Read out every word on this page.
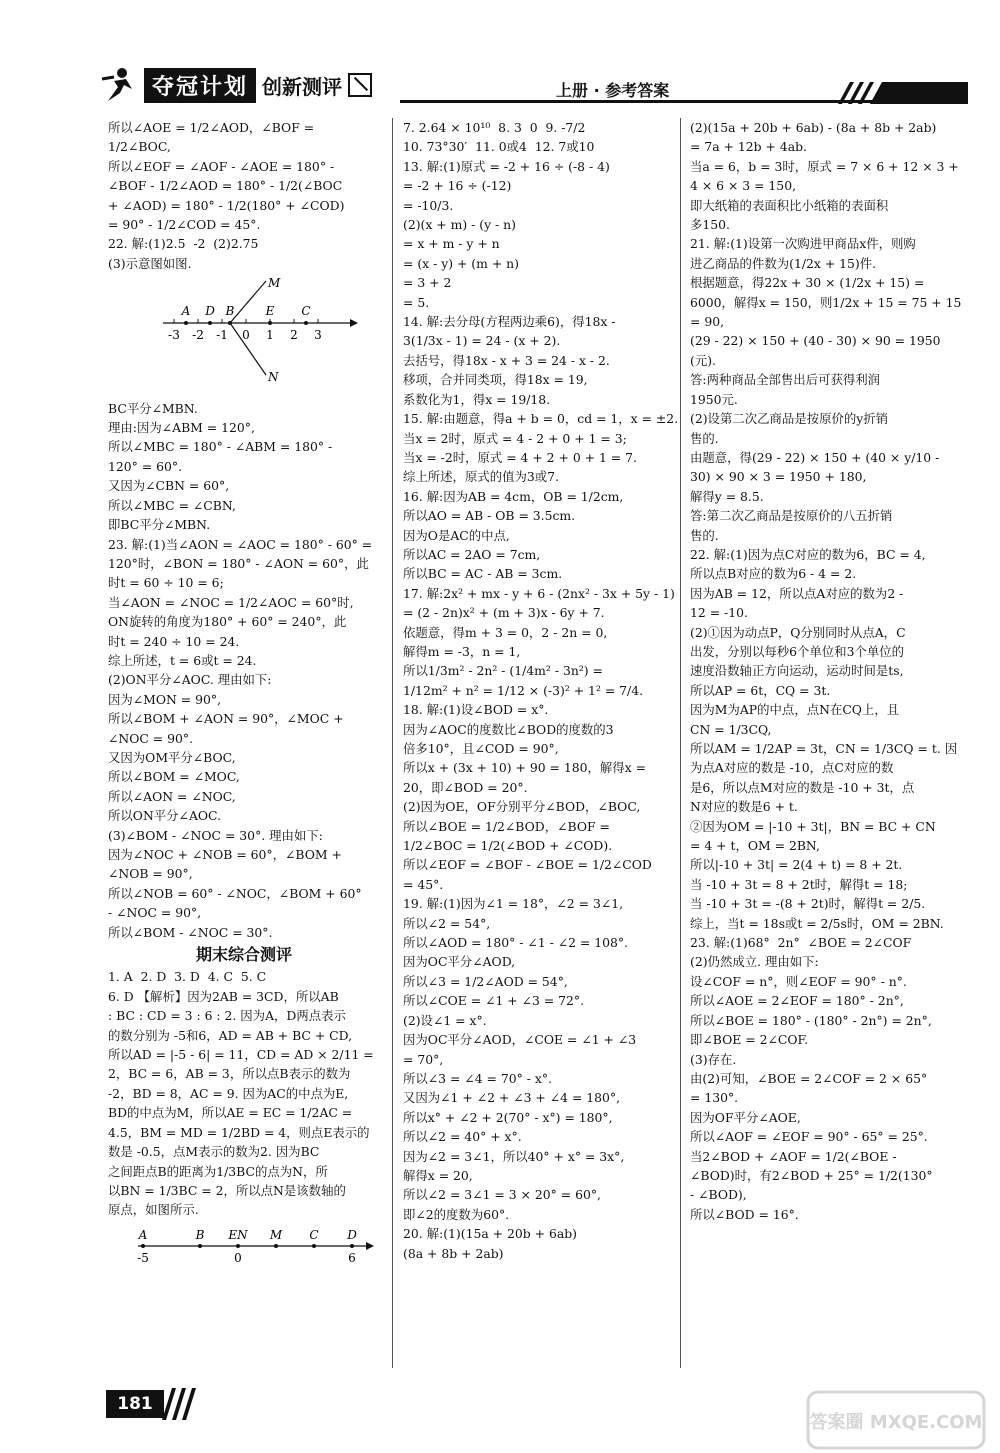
夺冠计划 创新测评	上册 · 参考答案

所以∠AOE = 1/2∠AOD，∠BOF =

1/2∠BOC,

所以∠EOF = ∠AOF - ∠AOE = 180° -

∠BOF - 1/2∠AOD = 180° - 1/2(∠BOC

+ ∠AOD) = 180° - 1/2(180° + ∠COD)

= 90° - 1/2∠COD = 45°.

22. 解:(1)2.5  -2  (2)2.75

(3)示意图如图.

-3 -2 -1 0 1 2 3
A D B	E C
M
N

BC平分∠MBN.

理由:因为∠ABM = 120°,

所以∠MBC = 180° - ∠ABM = 180° -

120° = 60°.

又因为∠CBN = 60°,

所以∠MBC = ∠CBN,

即BC平分∠MBN.

23. 解:(1)当∠AON = ∠AOC = 180° - 60° =

120°时，∠BON = 180° - ∠AON = 60°，此

时t = 60 ÷ 10 = 6;

当∠AON = ∠NOC = 1/2∠AOC = 60°时,

ON旋转的角度为180° + 60° = 240°，此

时t = 240 ÷ 10 = 24.

综上所述，t = 6或t = 24.

(2)ON平分∠AOC. 理由如下:

因为∠MON = 90°,

所以∠BOM + ∠AON = 90°，∠MOC +

∠NOC = 90°.

又因为OM平分∠BOC,

所以∠BOM = ∠MOC,

所以∠AON = ∠NOC,

所以ON平分∠AOC.

(3)∠BOM - ∠NOC = 30°. 理由如下:

因为∠NOC + ∠NOB = 60°，∠BOM +

∠NOB = 90°,

所以∠NOB = 60° - ∠NOC，∠BOM + 60°

- ∠NOC = 90°,

所以∠BOM - ∠NOC = 30°.

期末综合测评

1. A  2. D  3. D  4. C  5. C

6. D 【解析】因为2AB = 3CD，所以AB

: BC : CD = 3 : 6 : 2. 因为A，D两点表示

的数分别为 -5和6，AD = AB + BC + CD,

所以AD = |-5 - 6| = 11，CD = AD × 2/11 =

2，BC = 6，AB = 3，所以点B表示的数为

-2，BD = 8，AC = 9. 因为AC的中点为E,

BD的中点为M，所以AE = EC = 1/2AC =

4.5，BM = MD = 1/2BD = 4，则点E表示的

数是 -0.5，点M表示的数为2. 因为BC

之间距点B的距离为1/3BC的点为N，所

以BN = 1/3BC = 2，所以点N是该数轴的

原点，如图所示.

-5	0	6
A	B EN M C D

7. 2.64 × 10¹⁰  8. 3  0  9. -7/2

10. 73°30′  11. 0或4  12. 7或10

13. 解:(1)原式 = -2 + 16 ÷ (-8 - 4)

= -2 + 16 ÷ (-12)

= -10/3.

(2)(x + m) - (y - n)

= x + m - y + n

= (x - y) + (m + n)

= 3 + 2

= 5.

14. 解:去分母(方程两边乘6)，得18x -

3(1/3x - 1) = 24 - (x + 2).

去括号，得18x - x + 3 = 24 - x - 2.

移项，合并同类项，得18x = 19,

系数化为1，得x = 19/18.

15. 解:由题意，得a + b = 0，cd = 1，x = ±2.

当x = 2时，原式 = 4 - 2 + 0 + 1 = 3;

当x = -2时，原式 = 4 + 2 + 0 + 1 = 7.

综上所述，原式的值为3或7.

16. 解:因为AB = 4cm，OB = 1/2cm,

所以AO = AB - OB = 3.5cm.

因为O是AC的中点,

所以AC = 2AO = 7cm,

所以BC = AC - AB = 3cm.

17. 解:2x² + mx - y + 6 - (2nx² - 3x + 5y - 1)

= (2 - 2n)x² + (m + 3)x - 6y + 7.

依题意，得m + 3 = 0，2 - 2n = 0,

解得m = -3，n = 1,

所以1/3m² - 2n² - (1/4m² - 3n²) =

1/12m² + n² = 1/12 × (-3)² + 1² = 7/4.

18. 解:(1)设∠BOD = x°.

因为∠AOC的度数比∠BOD的度数的3

倍多10°，且∠COD = 90°,

所以x + (3x + 10) + 90 = 180，解得x =

20，即∠BOD = 20°.

(2)因为OE，OF分别平分∠BOD，∠BOC,

所以∠BOE = 1/2∠BOD，∠BOF =

1/2∠BOC = 1/2(∠BOD + ∠COD).

所以∠EOF = ∠BOF - ∠BOE = 1/2∠COD

= 45°.

19. 解:(1)因为∠1 = 18°，∠2 = 3∠1,

所以∠2 = 54°,

所以∠AOD = 180° - ∠1 - ∠2 = 108°.

因为OC平分∠AOD,

所以∠3 = 1/2∠AOD = 54°,

所以∠COE = ∠1 + ∠3 = 72°.

(2)设∠1 = x°.

因为OC平分∠AOD，∠COE = ∠1 + ∠3

= 70°,

所以∠3 = ∠4 = 70° - x°.

又因为∠1 + ∠2 + ∠3 + ∠4 = 180°,

所以x° + ∠2 + 2(70° - x°) = 180°,

所以∠2 = 40° + x°.

因为∠2 = 3∠1，所以40° + x° = 3x°,

解得x = 20,

所以∠2 = 3∠1 = 3 × 20° = 60°,

即∠2的度数为60°.

20. 解:(1)(15a + 20b + 6ab)

(8a + 8b + 2ab)

(2)(15a + 20b + 6ab) - (8a + 8b + 2ab)

= 7a + 12b + 4ab.

当a = 6，b = 3时，原式 = 7 × 6 + 12 × 3 +

4 × 6 × 3 = 150,

即大纸箱的表面积比小纸箱的表面积

多150.

21. 解:(1)设第一次购进甲商品x件，则购

进乙商品的件数为(1/2x + 15)件.

根据题意，得22x + 30 × (1/2x + 15) =

6000，解得x = 150，则1/2x + 15 = 75 + 15

= 90,

(29 - 22) × 150 + (40 - 30) × 90 = 1950

(元).

答:两种商品全部售出后可获得利润

1950元.

(2)设第二次乙商品是按原价的y折销

售的.

由题意，得(29 - 22) × 150 + (40 × y/10 -

30) × 90 × 3 = 1950 + 180,

解得y = 8.5.

答:第二次乙商品是按原价的八五折销

售的.

22. 解:(1)因为点C对应的数为6，BC = 4,

所以点B对应的数为6 - 4 = 2.

因为AB = 12，所以点A对应的数为2 -

12 = -10.

(2)①因为动点P，Q分别同时从点A，C

出发，分别以每秒6个单位和3个单位的

速度沿数轴正方向运动，运动时间是ts,

所以AP = 6t，CQ = 3t.

因为M为AP的中点，点N在CQ上，且

CN = 1/3CQ,

所以AM = 1/2AP = 3t，CN = 1/3CQ = t. 因

为点A对应的数是 -10，点C对应的数

是6，所以点M对应的数是 -10 + 3t，点

N对应的数是6 + t.

②因为OM = |-10 + 3t|，BN = BC + CN

= 4 + t，OM = 2BN,

所以|-10 + 3t| = 2(4 + t) = 8 + 2t.

当 -10 + 3t = 8 + 2t时，解得t = 18;

当 -10 + 3t = -(8 + 2t)时，解得t = 2/5.

综上，当t = 18s或t = 2/5s时，OM = 2BN.

23. 解:(1)68°  2n°  ∠BOE = 2∠COF

(2)仍然成立. 理由如下:

设∠COF = n°，则∠EOF = 90° - n°.

所以∠AOE = 2∠EOF = 180° - 2n°,

所以∠BOE = 180° - (180° - 2n°) = 2n°,

即∠BOE = 2∠COF.

(3)存在.

由(2)可知，∠BOE = 2∠COF = 2 × 65°

= 130°.

因为OF平分∠AOE,

所以∠AOF = ∠EOF = 90° - 65° = 25°.

当2∠BOD + ∠AOF = 1/2(∠BOE -

∠BOD)时，有2∠BOD + 25° = 1/2(130°

- ∠BOD),

所以∠BOD = 16°.

181
答案圈 MXQE.COM
